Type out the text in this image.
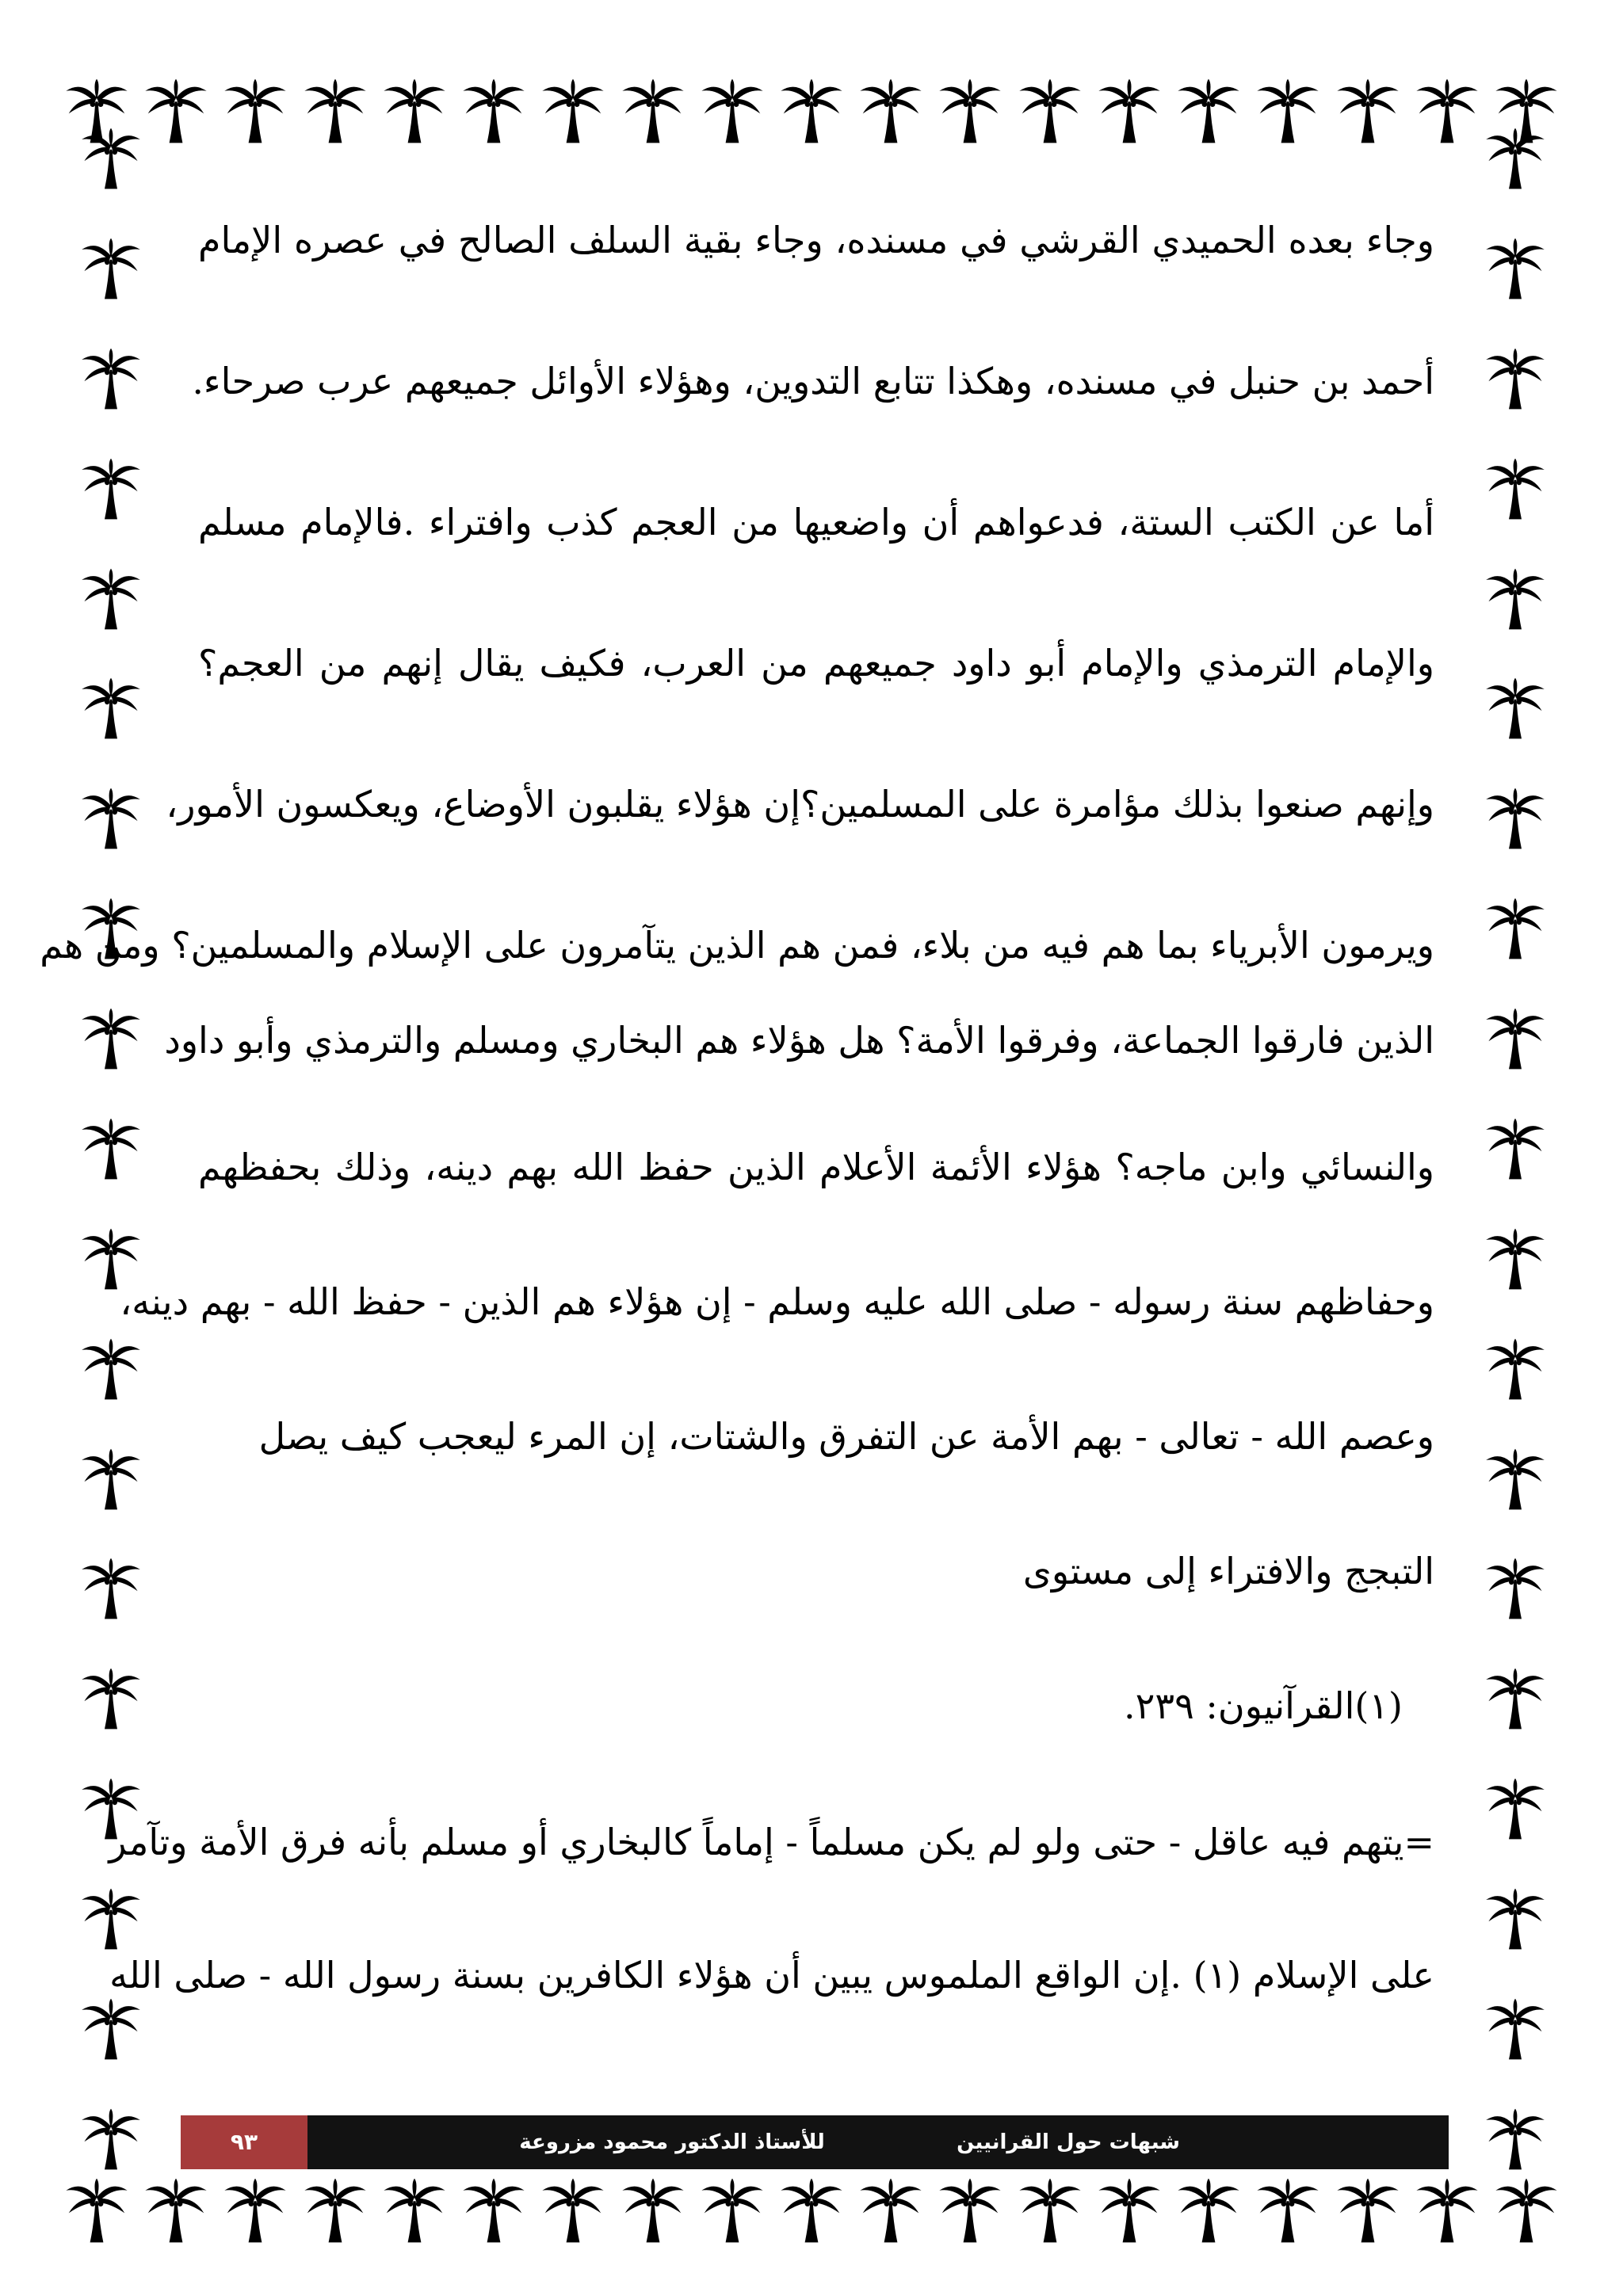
وجاء بعده الحميدي القرشي في مسنده، وجاء بقية السلف الصالح في عصره الإمام
أحمد بن حنبل في مسنده، وهكذا تتابع التدوين، وهؤلاء الأوائل جميعهم عرب صرحاء.
أما عن الكتب الستة، فدعواهم أن واضعيها من العجم كذب وافتراء .فالإمام مسلم
والإمام الترمذي والإمام أبو داود جميعهم من العرب، فكيف يقال إنهم من العجم؟
وإنهم صنعوا بذلك مؤامرة على المسلمين؟إن هؤلاء يقلبون الأوضاع، ويعكسون الأمور،
ويرمون الأبرياء بما هم فيه من بلاء، فمن هم الذين يتآمرون على الإسلام والمسلمين؟ ومن هم
الذين فارقوا الجماعة، وفرقوا الأمة؟ هل هؤلاء هم البخاري ومسلم والترمذي وأبو داود
والنسائي وابن ماجه؟ هؤلاء الأئمة الأعلام الذين حفظ الله بهم دينه، وذلك بحفظهم
وحفاظهم سنة رسوله - صلى الله عليه وسلم - إن هؤلاء هم الذين - حفظ الله - بهم دينه،
وعصم الله - تعالى - بهم الأمة عن التفرق والشتات، إن المرء ليعجب كيف يصل
التبجج والافتراء إلى مستوى
(١)القرآنيون: ٢٣٩.
=يتهم فيه عاقل - حتى ولو لم يكن مسلماً - إماماً كالبخاري أو مسلم بأنه فرق الأمة وتآمر
على الإسلام (١) .إن الواقع الملموس يبين أن هؤلاء الكافرين بسنة رسول الله - صلى الله
٩٣	للأستاذ الدكتور محمود مزروعة	شبهات حول القرانيين
